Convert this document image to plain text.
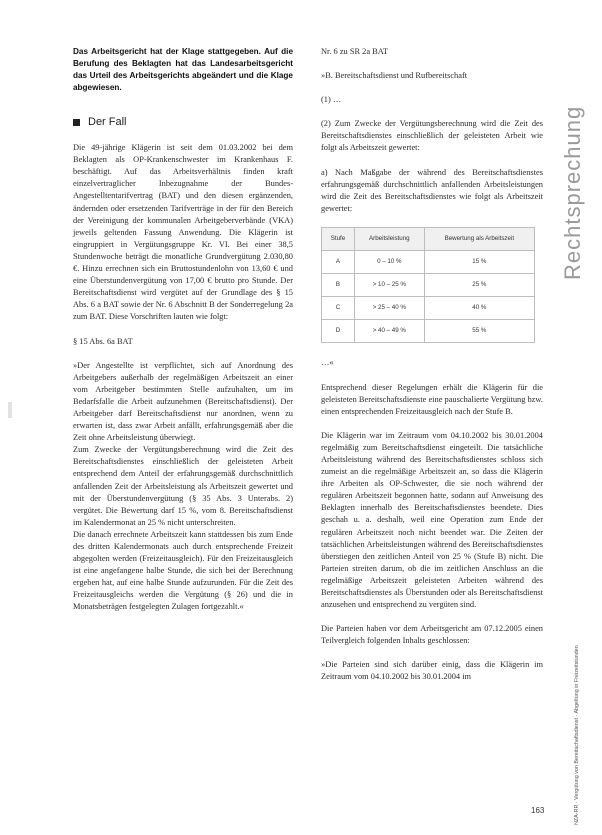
Das Arbeitsgericht hat der Klage stattgegeben. Auf die Berufung des Beklagten hat das Landesarbeitsgericht das Urteil des Arbeitsgerichts abgeändert und die Klage abgewiesen.
Der Fall
Die 49-jährige Klägerin ist seit dem 01.03.2002 bei dem Beklagten als OP-Krankenschwester im Krankenhaus F. beschäftigt. Auf das Arbeitsverhältnis finden kraft einzelvertraglicher Inbezugnahme der Bundes-Angestelltentarifvertrag (BAT) und den diesen ergänzenden, ändernden oder ersetzenden Tarifverträge in der für den Bereich der Vereinigung der kommunalen Arbeitgeberverbände (VKA) jeweils geltenden Fassung Anwendung. Die Klägerin ist eingruppiert in Vergütungsgruppe Kr. VI. Bei einer 38,5 Stundenwoche beträgt die monatliche Grundvergütung 2.030,80 €. Hinzu errechnen sich ein Bruttostundenlohn von 13,60 € und eine Überstundenvergütung von 17,00 € brutto pro Stunde. Der Bereitschaftsdienst wird vergütet auf der Grundlage des § 15 Abs. 6 a BAT sowie der Nr. 6 Abschnitt B der Sonderregelung 2a zum BAT. Diese Vorschriften lauten wie folgt:
§ 15 Abs. 6a BAT
»Der Angestellte ist verpflichtet, sich auf Anordnung des Arbeitgebers außerhalb der regelmäßigen Arbeitszeit an einer vom Arbeitgeber bestimmten Stelle aufzuhalten, um im Bedarfsfalle die Arbeit aufzunehmen (Bereitschaftsdienst). Der Arbeitgeber darf Bereitschaftsdienst nur anordnen, wenn zu erwarten ist, dass zwar Arbeit anfällt, erfahrungsgemäß aber die Zeit ohne Arbeitsleistung überwiegt.
Zum Zwecke der Vergütungsberechnung wird die Zeit des Bereitschaftsdienstes einschließlich der geleisteten Arbeit entsprechend dem Anteil der erfahrungsgemäß durchschnittlich anfallenden Zeit der Arbeitsleistung als Arbeitszeit gewertet und mit der Überstundenvergütung (§ 35 Abs. 3 Unterabs. 2) vergütet. Die Bewertung darf 15 %, vom 8. Bereitschaftsdienst im Kalendermonat an 25 % nicht unterschreiten.
Die danach errechnete Arbeitszeit kann stattdessen bis zum Ende des dritten Kalendermonats auch durch entsprechende Freizeit abgegolten werden (Freizeitausgleich). Für den Freizeitausgleich ist eine angefangene halbe Stunde, die sich bei der Berechnung ergeben hat, auf eine halbe Stunde aufzurunden. Für die Zeit des Freizeitausgleichs werden die Vergütung (§ 26) und die in Monatsbeträgen festgelegten Zulagen fortgezahlt.«
Nr. 6 zu SR 2a BAT
»B. Bereitschaftsdienst und Rufbereitschaft
(1) …
(2) Zum Zwecke der Vergütungsberechnung wird die Zeit des Bereitschaftsdienstes einschließlich der geleisteten Arbeit wie folgt als Arbeitszeit gewertet:
a) Nach Maßgabe der während des Bereitschaftsdienstes erfahrungsgemäß durchschnittlich anfallenden Arbeitsleistungen wird die Zeit des Bereitschaftsdienstes wie folgt als Arbeitszeit gewertet:
Stufe	Arbeitsleistung	Bewertung als Arbeitszeit
A	0 – 10 %	15 %
B	> 10 – 25 %	25 %
C	> 25 – 40 %	40 %
D	> 40 – 49 %	55 %
…«
Entsprechend dieser Regelungen erhält die Klägerin für die geleisteten Bereitschaftsdienste eine pauschalierte Vergütung bzw. einen entsprechenden Freizeitausgleich nach der Stufe B.
Die Klägerin war im Zeitraum vom 04.10.2002 bis 30.01.2004 regelmäßig zum Bereitschaftsdienst eingeteilt. Die tatsächliche Arbeitsleistung während des Bereitschaftsdienstes schloss sich zumeist an die regelmäßige Arbeitszeit an, so dass die Klägerin ihre Arbeiten als OP-Schwester, die sie noch während der regulären Arbeitszeit begonnen hatte, sodann auf Anweisung des Beklagten innerhalb des Bereitschaftsdienstes beendete. Dies geschah u. a. deshalb, weil eine Operation zum Ende der regulären Arbeitszeit noch nicht beendet war. Die Zeiten der tatsächlichen Arbeitsleistungen während des Bereitschaftsdienstes überstiegen den zeitlichen Anteil von 25 % (Stufe B) nicht. Die Parteien streiten darum, ob die im zeitlichen Anschluss an die regelmäßige Arbeitszeit geleisteten Arbeiten während des Bereitschaftsdienstes als Überstunden oder als Bereitschaftsdienst anzusehen und entsprechend zu vergüten sind.
Die Parteien haben vor dem Arbeitsgericht am 07.12.2005 einen Teilvergleich folgenden Inhalts geschlossen:
»Die Parteien sind sich darüber einig, dass die Klägerin im Zeitraum vom 04.10.2002 bis 30.01.2004 im
Rechtsprechung
NZA-RR · Vergütung von Bereitschaftsdienst · Abgeltung in Freizeitstunden
163
